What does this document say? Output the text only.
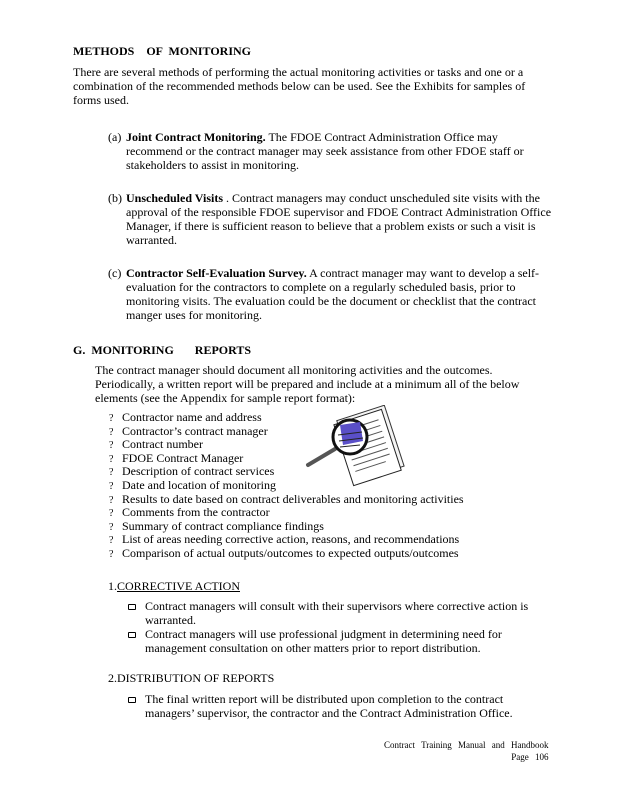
METHODS    OF  MONITORING
There are several methods of performing the actual monitoring activities or tasks and one or a combination of the recommended methods below can be used. See the Exhibits for samples of forms used.
(a) Joint Contract Monitoring. The FDOE Contract Administration Office may recommend or the contract manager may seek assistance from other FDOE staff or stakeholders to assist in monitoring.
(b) Unscheduled Visits . Contract managers may conduct unscheduled site visits with the approval of the responsible FDOE supervisor and FDOE Contract Administration Office Manager, if there is sufficient reason to believe that a problem exists or such a visit is warranted.
(c) Contractor Self-Evaluation Survey. A contract manager may want to develop a self-evaluation for the contractors to complete on a regularly scheduled basis, prior to monitoring visits. The evaluation could be the document or checklist that the contract manger uses for monitoring.
G.  MONITORING       REPORTS
The contract manager should document all monitoring activities and the outcomes. Periodically, a written report will be prepared and include at a minimum all of the below elements (see the Appendix for sample report format):
? Contractor name and address
? Contractor’s contract manager
? Contract number
? FDOE Contract Manager
? Description of contract services
? Date and location of monitoring
? Results to date based on contract deliverables and monitoring activities
? Comments from the contractor
? Summary of contract compliance findings
? List of areas needing corrective action, reasons, and recommendations
? Comparison of actual outputs/outcomes to expected outputs/outcomes
1.CORRECTIVE ACTION
Contract managers will consult with their supervisors where corrective action is warranted.
Contract managers will use professional judgment in determining need for management consultation on other matters prior to report distribution.
2.DISTRIBUTION OF REPORTS
The final written report will be distributed upon completion to the contract managers’ supervisor, the contractor and the Contract Administration Office.
Contract Training Manual and Handbook
Page 106
